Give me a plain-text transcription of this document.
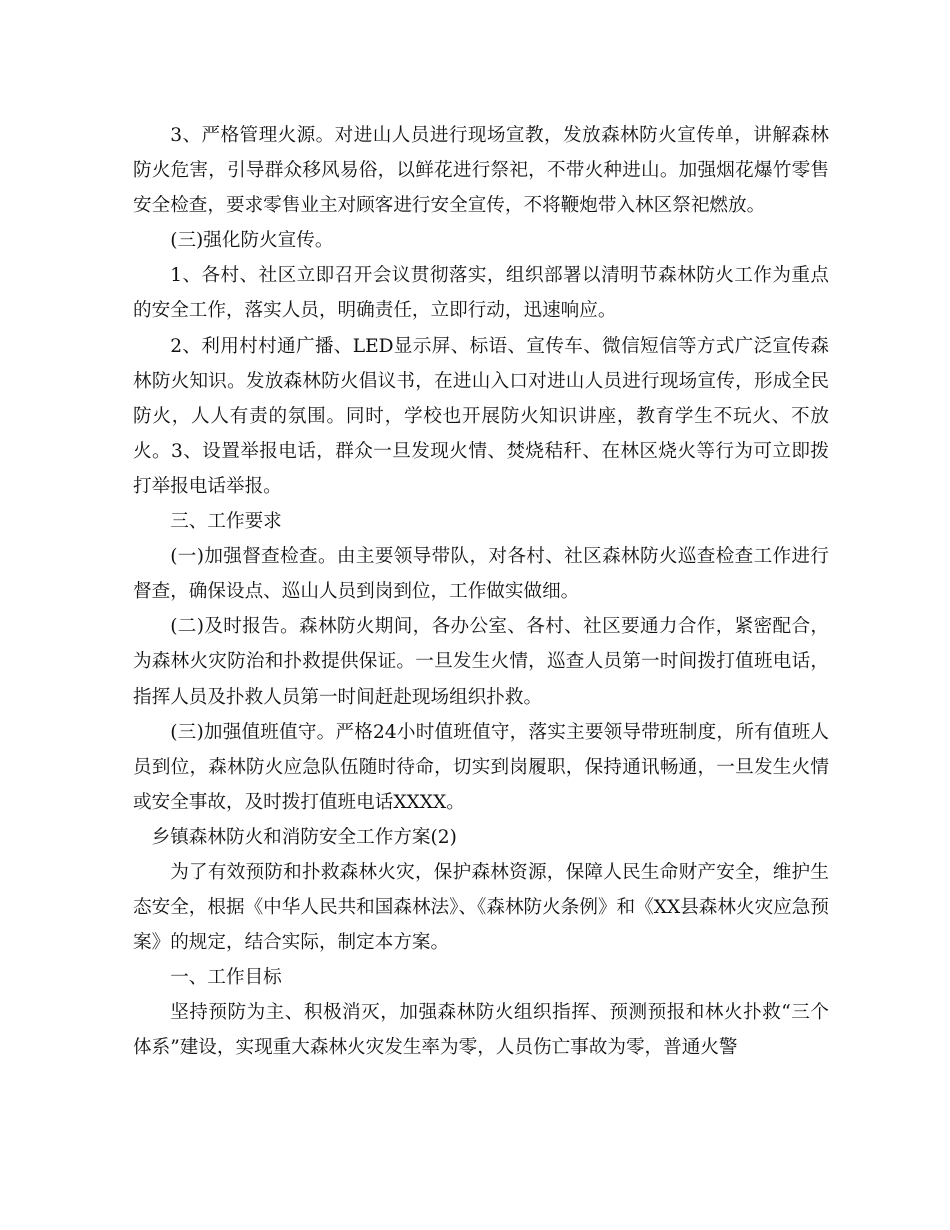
3、严格管理火源。对进山人员进行现场宣教，发放森林防火宣传单，讲解森林防火危害，引导群众移风易俗，以鲜花进行祭祀，不带火种进山。加强烟花爆竹零售安全检查，要求零售业主对顾客进行安全宣传，不将鞭炮带入林区祭祀燃放。

(三)强化防火宣传。

1、各村、社区立即召开会议贯彻落实，组织部署以清明节森林防火工作为重点的安全工作，落实人员，明确责任，立即行动，迅速响应。

2、利用村村通广播、LED显示屏、标语、宣传车、微信短信等方式广泛宣传森林防火知识。发放森林防火倡议书，在进山入口对进山人员进行现场宣传，形成全民防火，人人有责的氛围。同时，学校也开展防火知识讲座，教育学生不玩火、不放火。3、设置举报电话，群众一旦发现火情、焚烧秸秆、在林区烧火等行为可立即拨打举报电话举报。

三、工作要求

(一)加强督查检查。由主要领导带队，对各村、社区森林防火巡查检查工作进行督查，确保设点、巡山人员到岗到位，工作做实做细。

(二)及时报告。森林防火期间，各办公室、各村、社区要通力合作，紧密配合，为森林火灾防治和扑救提供保证。一旦发生火情，巡查人员第一时间拨打值班电话，指挥人员及扑救人员第一时间赶赴现场组织扑救。

(三)加强值班值守。严格24小时值班值守，落实主要领导带班制度，所有值班人员到位，森林防火应急队伍随时待命，切实到岗履职，保持通讯畅通，一旦发生火情或安全事故，及时拨打值班电话XXXX。

乡镇森林防火和消防安全工作方案(2)

为了有效预防和扑救森林火灾，保护森林资源，保障人民生命财产安全，维护生态安全，根据《中华人民共和国森林法》、《森林防火条例》和《XX县森林火灾应急预案》的规定，结合实际，制定本方案。

一、工作目标

坚持预防为主、积极消灭，加强森林防火组织指挥、预测预报和林火扑救“三个体系”建设，实现重大森林火灾发生率为零，人员伤亡事故为零，普通火警
